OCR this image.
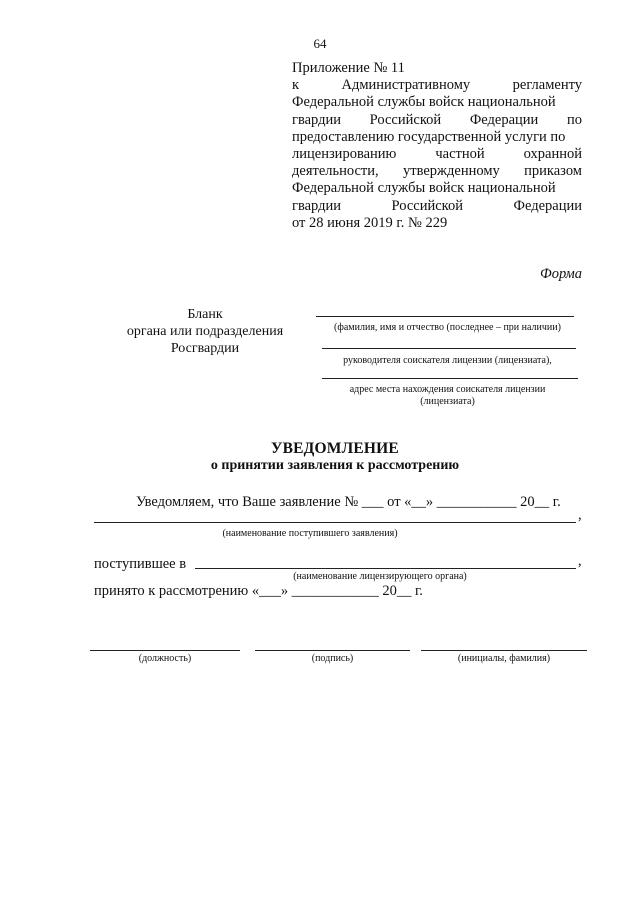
64
Приложение № 11
к	Административному	регламенту
Федеральной службы войск национальной
гвардии Российской Федерации по
предоставлению государственной услуги по
лицензированию	частной	охранной
деятельности, утвержденному приказом
Федеральной службы войск национальной
гвардии	Российской	Федерации
от 28 июня 2019 г. № 229
Форма
Бланк
органа или подразделения
Росгвардии
(фамилия, имя и отчество (последнее – при наличии)
руководителя соискателя лицензии (лицензиата),
адрес места нахождения соискателя лицензии
(лицензиата)
УВЕДОМЛЕНИЕ
о принятии заявления к рассмотрению
Уведомляем, что Ваше заявление № ___ от «__» ___________ 20__ г.
,
(наименование поступившего заявления)
поступившее в	,
(наименование лицензирующего органа)
принято к рассмотрению «___» ____________ 20__ г.
(должность)	(подпись)	(инициалы, фамилия)
